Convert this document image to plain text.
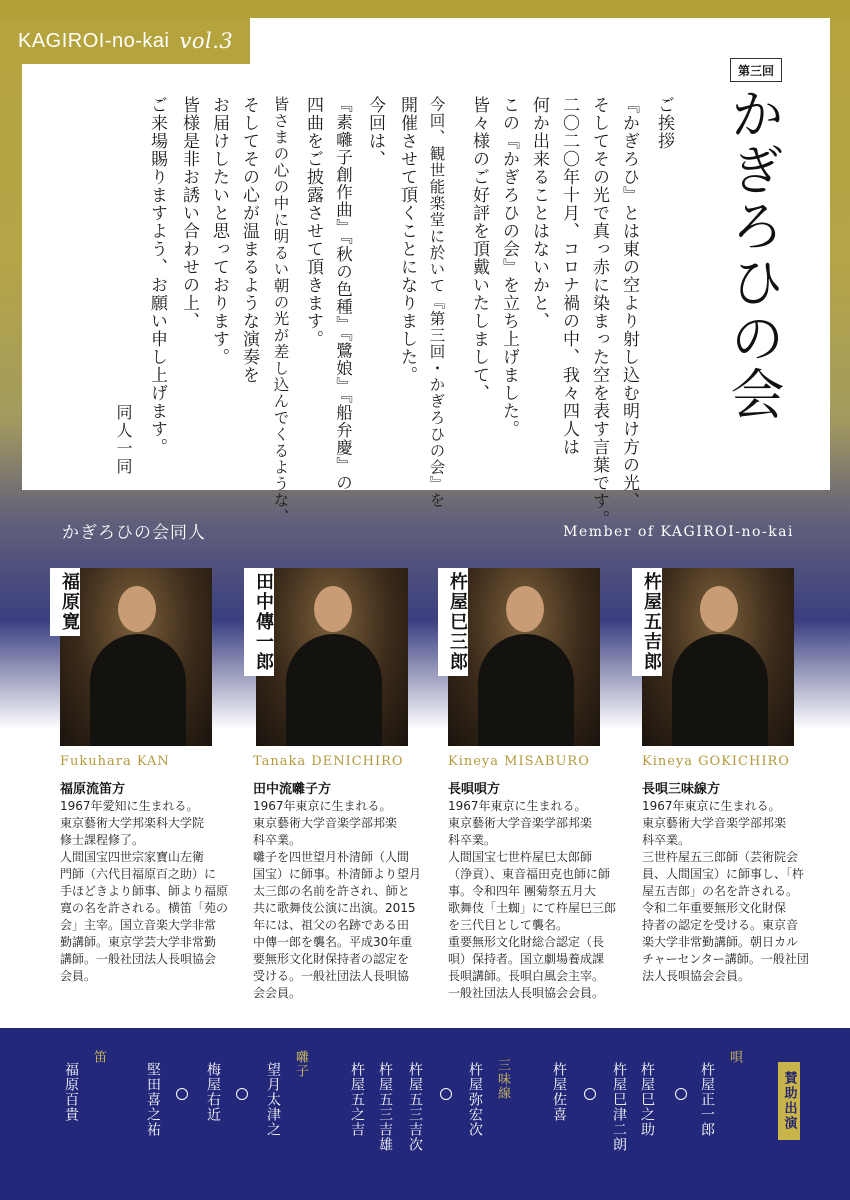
KAGIROI-no-kai vol.3
第三回
かぎろひの会
ご挨拶
『かぎろひ』とは東の空より射し込む明け方の光、
そしてその光で真っ赤に染まった空を表す言葉です。
二〇二〇年十月、コロナ禍の中、我々四人は
何か出来ることはないかと、
この『かぎろひの会』を立ち上げました。
皆々様のご好評を頂戴いたしまして、
今回、観世能楽堂に於いて『第三回・かぎろひの会』を
開催させて頂くことになりました。
今回は、
『素囃子創作曲』『秋の色種』『鷺娘』『船弁慶』の
四曲をご披露させて頂きます。
皆さまの心の中に明るい朝の光が差し込んでくるような、
そしてその心が温まるような演奏を
お届けしたいと思っております。
皆様是非お誘い合わせの上、
ご来場賜りますよう、お願い申し上げます。
同人一同
かぎろひの会同人	Member of KAGIROI-no-kai
福原寛
Fukuhara KAN
福原流笛方
1967年愛知に生まれる。
東京藝術大学邦楽科大学院
修士課程修了。
人間国宝四世宗家寶山左衛
門師（六代目福原百之助）に
手ほどきより師事、師より福原
寛の名を許される。横笛「苑の
会」主宰。国立音楽大学非常
勤講師。東京学芸大学非常勤
講師。一般社団法人長唄協会
会員。
田中傳一郎
Tanaka DENICHIRO
田中流囃子方
1967年東京に生まれる。
東京藝術大学音楽学部邦楽
科卒業。
囃子を四世望月朴清師（人間
国宝）に師事。朴清師より望月
太三郎の名前を許され、師と
共に歌舞伎公演に出演。2015
年には、祖父の名跡である田
中傳一郎を襲名。平成30年重
要無形文化財保持者の認定を
受ける。一般社団法人長唄協
会会員。
杵屋巳三郎
Kineya MISABURO
長唄唄方
1967年東京に生まれる。
東京藝術大学音楽学部邦楽
科卒業。
人間国宝七世杵屋巳太郎師
（浄貢）、東音福田克也師に師
事。令和四年 團菊祭五月大
歌舞伎「土蜘」にて杵屋巳三郎
を三代目として襲名。
重要無形文化財総合認定（長
唄）保持者。国立劇場養成課
長唄講師。長唄白風会主宰。
一般社団法人長唄協会会員。
杵屋五吉郎
Kineya GOKICHIRO
長唄三味線方
1967年東京に生まれる。
東京藝術大学音楽学部邦楽
科卒業。
三世杵屋五三郎師（芸術院会
員、人間国宝）に師事し、「杵
屋五吉郎」の名を許される。
令和二年重要無形文化財保
持者の認定を受ける。東京音
楽大学非常勤講師。朝日カル
チャーセンター講師。一般社団
法人長唄協会会員。
唄
杵屋正一郎
杵屋巳之助
杵屋巳津二朗
杵屋佐喜
三味線
杵屋弥宏次
杵屋五三吉次
杵屋五三吉雄
杵屋五之吉
囃子
望月太津之
梅屋右近
堅田喜之祐
笛
福原百貴	賛助出演
